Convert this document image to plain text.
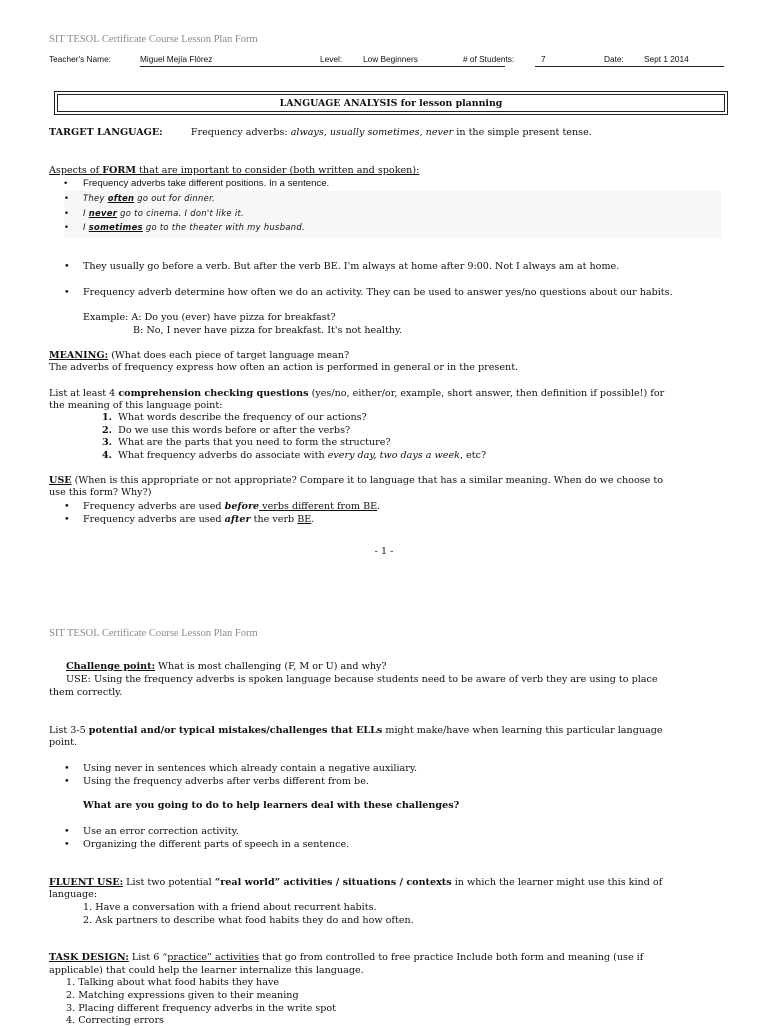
SIT TESOL Certificate Course Lesson Plan Form
Teacher's Name:	Miguel Mejía Flórez	Level:	Low Beginners	# of Students:	7	Date: Sept 1 2014
LANGUAGE ANALYSIS for lesson planning
TARGET LANGUAGE:	Frequency adverbs: always, usually sometimes, never in the simple present tense.
Aspects of FORM that are important to consider (both written and spoken):
• Frequency adverbs take different positions. In a sentence.
• They often go out for dinner.
• I never go to cinema. I don't like it.
• I sometimes go to the theater with my husband.
• They usually go before a verb. But after the verb BE. I'm always at home after 9:00. Not I always am at home.
• Frequency adverb determine how often we do an activity. They can be used to answer yes/no questions about our habits.
Example: A: Do you (ever) have pizza for breakfast?
B: No, I never have pizza for breakfast. It's not healthy.
MEANING: (What does each piece of target language mean?
The adverbs of frequency express how often an action is performed in general or in the present.
List at least 4 comprehension checking questions (yes/no, either/or, example, short answer, then definition if possible!) for
the meaning of this language point:
1. What words describe the frequency of our actions?
2. Do we use this words before or after the verbs?
3. What are the parts that you need to form the structure?
4. What frequency adverbs do associate with every day, two days a week, etc?
USE (When is this appropriate or not appropriate? Compare it to language that has a similar meaning. When do we choose to
use this form? Why?)
• Frequency adverbs are used before verbs different from BE.
• Frequency adverbs are used after the verb BE.
- 1 -
SIT TESOL Certificate Course Lesson Plan Form
Challenge point: What is most challenging (F, M or U) and why?
USE: Using the frequency adverbs is spoken language because students need to be aware of verb they are using to place
them correctly.
List 3-5 potential and/or typical mistakes/challenges that ELLs might make/have when learning this particular language
point.
• Using never in sentences which already contain a negative auxiliary.
• Using the frequency adverbs after verbs different from be.
What are you going to do to help learners deal with these challenges?
• Use an error correction activity.
• Organizing the different parts of speech in a sentence.
FLUENT USE: List two potential “real world” activities / situations / contexts in which the learner might use this kind of
language:
1. Have a conversation with a friend about recurrent habits.
2. Ask partners to describe what food habits they do and how often.
TASK DESIGN: List 6 “practice” activities that go from controlled to free practice Include both form and meaning (use if
applicable) that could help the learner internalize this language.
1. Talking about what food habits they have
2. Matching expressions given to their meaning
3. Placing different frequency adverbs in the write spot
4. Correcting errors
